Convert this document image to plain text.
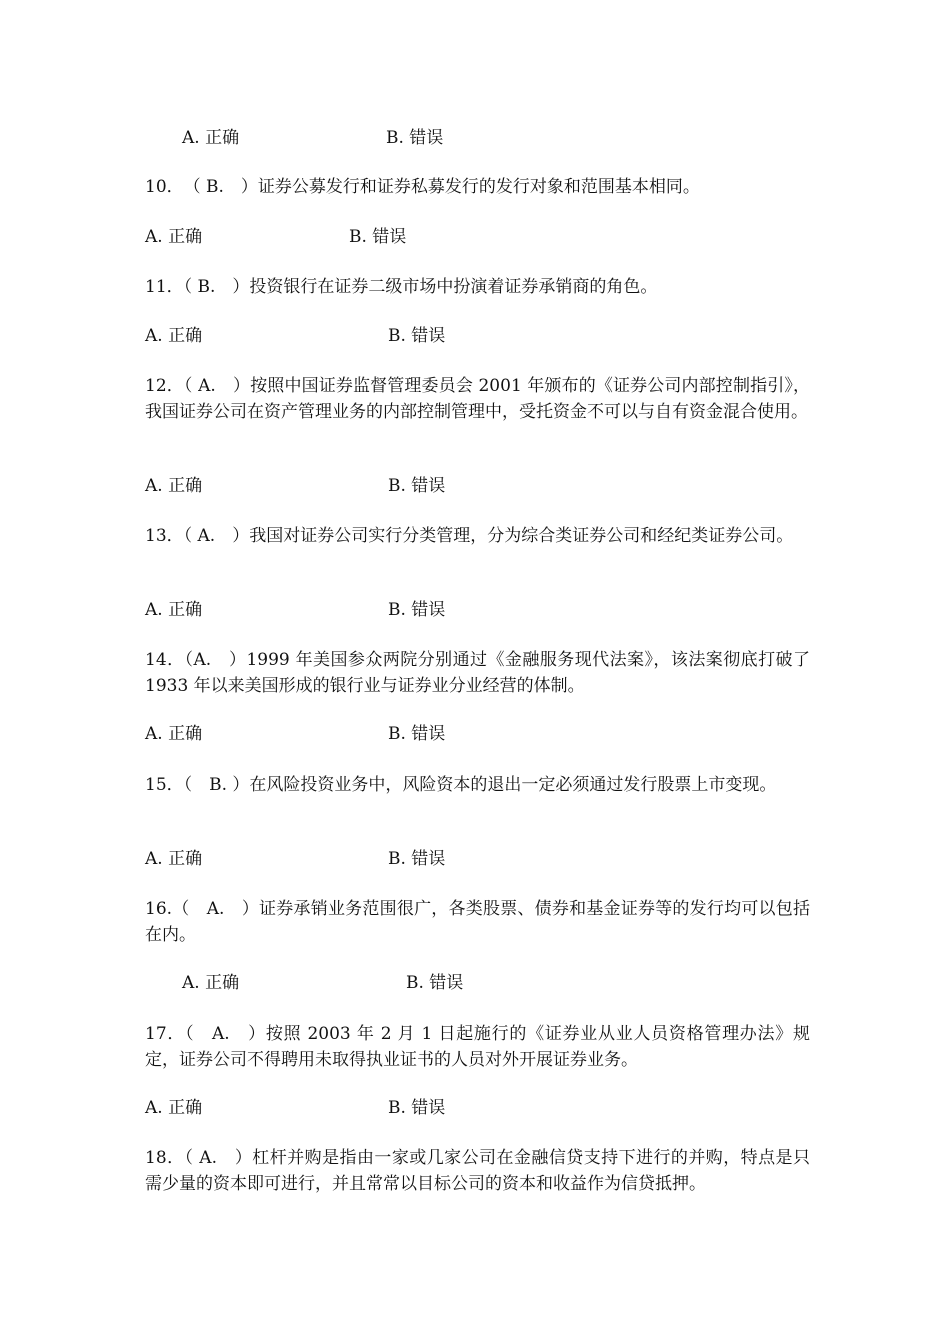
A. 正确	B. 错误
10．　（ B.　）证券公募发行和证券私募发行的发行对象和范围基本相同。
A. 正确	B. 错误
11．（ B.　）投资银行在证券二级市场中扮演着证券承销商的角色。
A. 正确	B. 错误
12．（ A.　）按照中国证券监督管理委员会 2001 年颁布的《证券公司内部控制指引》，我国证券公司在资产管理业务的内部控制管理中，受托资金不可以与自有资金混合使用。
A. 正确	B. 错误
13．（ A.　）我国对证券公司实行分类管理，分为综合类证券公司和经纪类证券公司。
A. 正确	B. 错误
14．（A.　）1999 年美国参众两院分别通过《金融服务现代法案》，该法案彻底打破了 1933 年以来美国形成的银行业与证券业分业经营的体制。
A. 正确	B. 错误
15．（　B. ）在风险投资业务中，风险资本的退出一定必须通过发行股票上市变现。
A. 正确	B. 错误
16.（　A.　）证券承销业务范围很广，各类股票、债券和基金证券等的发行均可以包括在内。
A. 正确	B. 错误
17．（　A.　）按照 2003 年 2 月 1 日起施行的《证券业从业人员资格管理办法》规定，证券公司不得聘用未取得执业证书的人员对外开展证券业务。
A. 正确	B. 错误
18．（ A.　）杠杆并购是指由一家或几家公司在金融信贷支持下进行的并购，特点是只需少量的资本即可进行，并且常常以目标公司的资本和收益作为信贷抵押。
